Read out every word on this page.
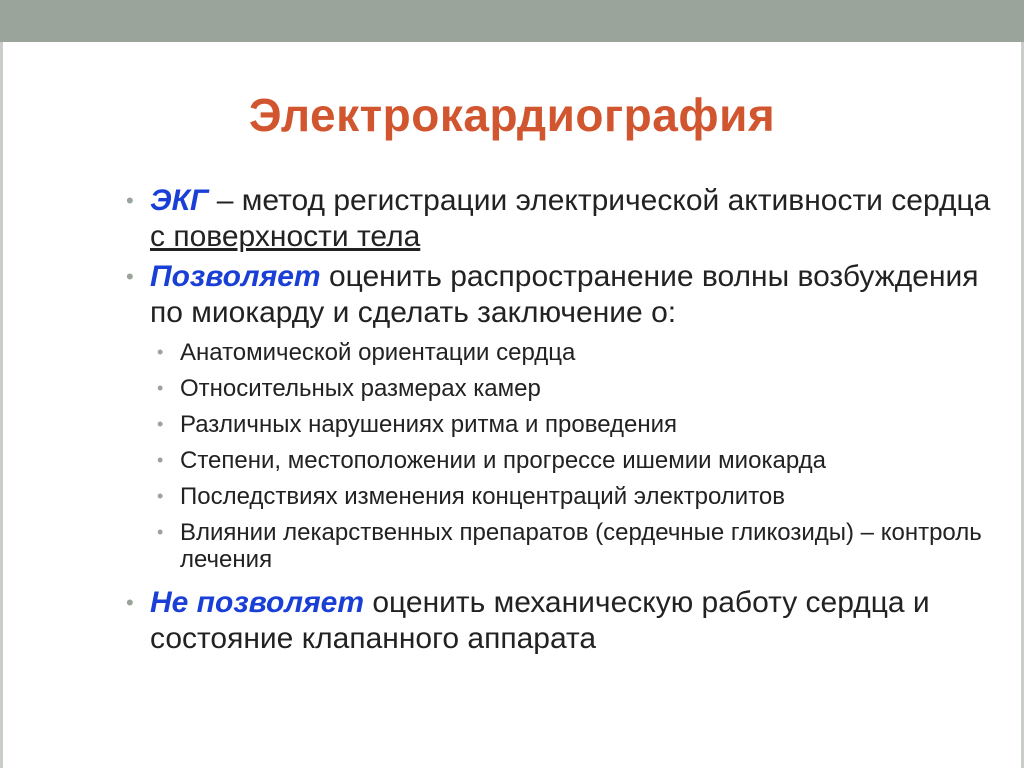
Электрокардиография
• ЭКГ – метод регистрации электрической активности сердца с поверхности тела
• Позволяет оценить распространение волны возбуждения по миокарду и сделать заключение о:
• Анатомической ориентации сердца
• Относительных размерах камер
• Различных нарушениях ритма и проведения
• Степени, местоположении и прогрессе ишемии миокарда
• Последствиях изменения концентраций электролитов
• Влиянии лекарственных препаратов (сердечные гликозиды) – контроль лечения
• Не позволяет оценить механическую работу сердца и состояние клапанного аппарата
